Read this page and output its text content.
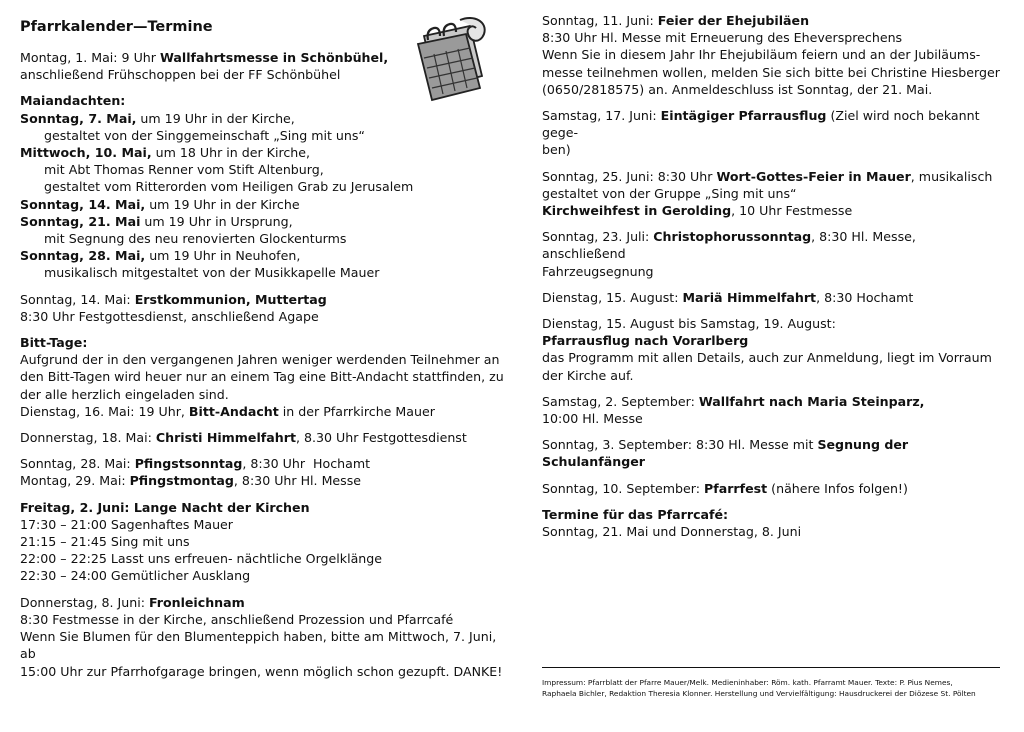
Pfarrkalender—Termine

Montag, 1. Mai: 9 Uhr Wallfahrtsmesse in Schönbühel,

anschließend Frühschoppen bei der FF Schönbühel

Maiandachten:

Sonntag, 7. Mai, um 19 Uhr in der Kirche,

gestaltet von der Singgemeinschaft „Sing mit uns“

Mittwoch, 10. Mai, um 18 Uhr in der Kirche,

mit Abt Thomas Renner vom Stift Altenburg,

gestaltet vom Ritterorden vom Heiligen Grab zu Jerusalem

Sonntag, 14. Mai, um 19 Uhr in der Kirche

Sonntag, 21. Mai um 19 Uhr in Ursprung,

mit Segnung des neu renovierten Glockenturms

Sonntag, 28. Mai, um 19 Uhr in Neuhofen,

musikalisch mitgestaltet von der Musikkapelle Mauer

Sonntag, 14. Mai: Erstkommunion, Muttertag

8:30 Uhr Festgottesdienst, anschließend Agape

Bitt-Tage:

Aufgrund der in den vergangenen Jahren weniger werdenden Teilnehmer an

den Bitt-Tagen wird heuer nur an einem Tag eine Bitt-Andacht stattfinden, zu

der alle herzlich eingeladen sind.

Dienstag, 16. Mai: 19 Uhr, Bitt-Andacht in der Pfarrkirche Mauer

Donnerstag, 18. Mai: Christi Himmelfahrt, 8.30 Uhr Festgottesdienst

Sonntag, 28. Mai: Pfingstsonntag, 8:30 Uhr  Hochamt

Montag, 29. Mai: Pfingstmontag, 8:30 Uhr Hl. Messe

Freitag, 2. Juni: Lange Nacht der Kirchen

17:30 – 21:00 Sagenhaftes Mauer

21:15 – 21:45 Sing mit uns

22:00 – 22:25 Lasst uns erfreuen- nächtliche Orgelklänge

22:30 – 24:00 Gemütlicher Ausklang

Donnerstag, 8. Juni: Fronleichnam

8:30 Festmesse in der Kirche, anschließend Prozession und Pfarrcafé

Wenn Sie Blumen für den Blumenteppich haben, bitte am Mittwoch, 7. Juni, ab

15:00 Uhr zur Pfarrhofgarage bringen, wenn möglich schon gezupft. DANKE!

Sonntag, 11. Juni: Feier der Ehejubiläen

8:30 Uhr Hl. Messe mit Erneuerung des Eheversprechens

Wenn Sie in diesem Jahr Ihr Ehejubiläum feiern und an der Jubiläums-

messe teilnehmen wollen, melden Sie sich bitte bei Christine Hiesberger

(0650/2818575) an. Anmeldeschluss ist Sonntag, der 21. Mai.

Samstag, 17. Juni: Eintägiger Pfarrausflug (Ziel wird noch bekannt gege-

ben)

Sonntag, 25. Juni: 8:30 Uhr Wort-Gottes-Feier in Mauer, musikalisch

gestaltet von der Gruppe „Sing mit uns“

Kirchweihfest in Gerolding, 10 Uhr Festmesse

Sonntag, 23. Juli: Christophorussonntag, 8:30 Hl. Messe, anschließend

Fahrzeugsegnung

Dienstag, 15. August: Mariä Himmelfahrt, 8:30 Hochamt

Dienstag, 15. August bis Samstag, 19. August:

Pfarrausflug nach Vorarlberg

das Programm mit allen Details, auch zur Anmeldung, liegt im Vorraum

der Kirche auf.

Samstag, 2. September: Wallfahrt nach Maria Steinparz,

10:00 Hl. Messe

Sonntag, 3. September: 8:30 Hl. Messe mit Segnung der Schulanfänger

Sonntag, 10. September: Pfarrfest (nähere Infos folgen!)

Termine für das Pfarrcafé:

Sonntag, 21. Mai und Donnerstag, 8. Juni

Impressum: Pfarrblatt der Pfarre Mauer/Melk. Medieninhaber: Röm. kath. Pfarramt Mauer. Texte: P. Pius Nemes,

Raphaela Bichler, Redaktion Theresia Klonner. Herstellung und Vervielfältigung: Hausdruckerei der Diözese St. Pölten
